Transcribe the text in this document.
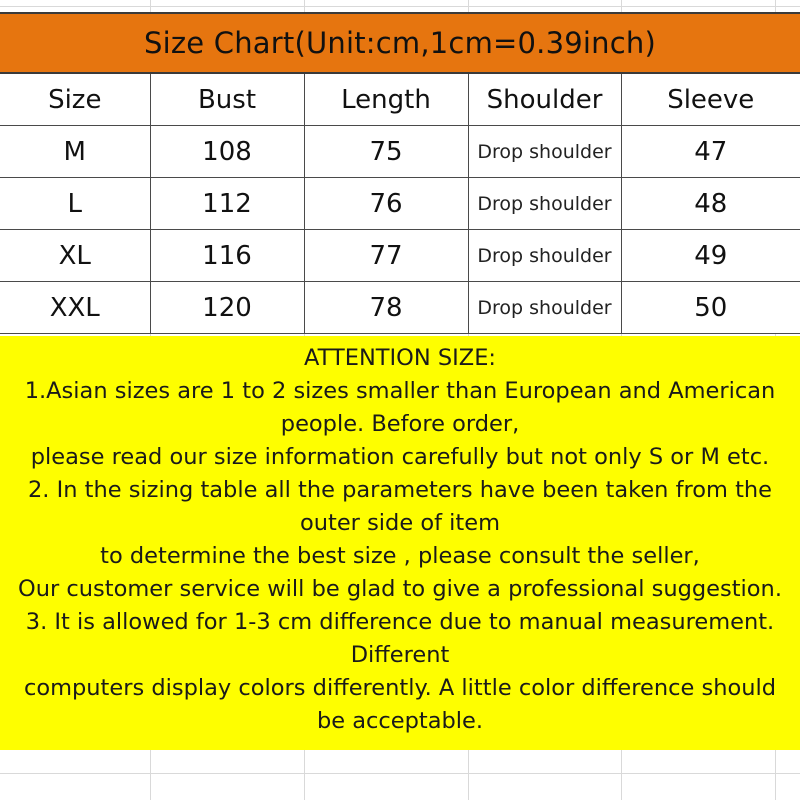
Size Chart(Unit:cm,1cm=0.39inch)
Size	Bust	Length	Shoulder	Sleeve
M	108	75	Drop shoulder	47
L	112	76	Drop shoulder	48
XL	116	77	Drop shoulder	49
XXL	120	78	Drop shoulder	50
ATTENTION SIZE:
1.Asian sizes are 1 to 2 sizes smaller than European and American
people. Before order,
please read our size information carefully but not only S or M etc.
2. In the sizing table all the parameters have been taken from the
outer side of item
to determine the best size , please consult the seller,
Our customer service will be glad to give a professional suggestion.
3. It is allowed for 1-3 cm difference due to manual measurement.
Different
computers display colors differently. A little color difference should
be acceptable.
